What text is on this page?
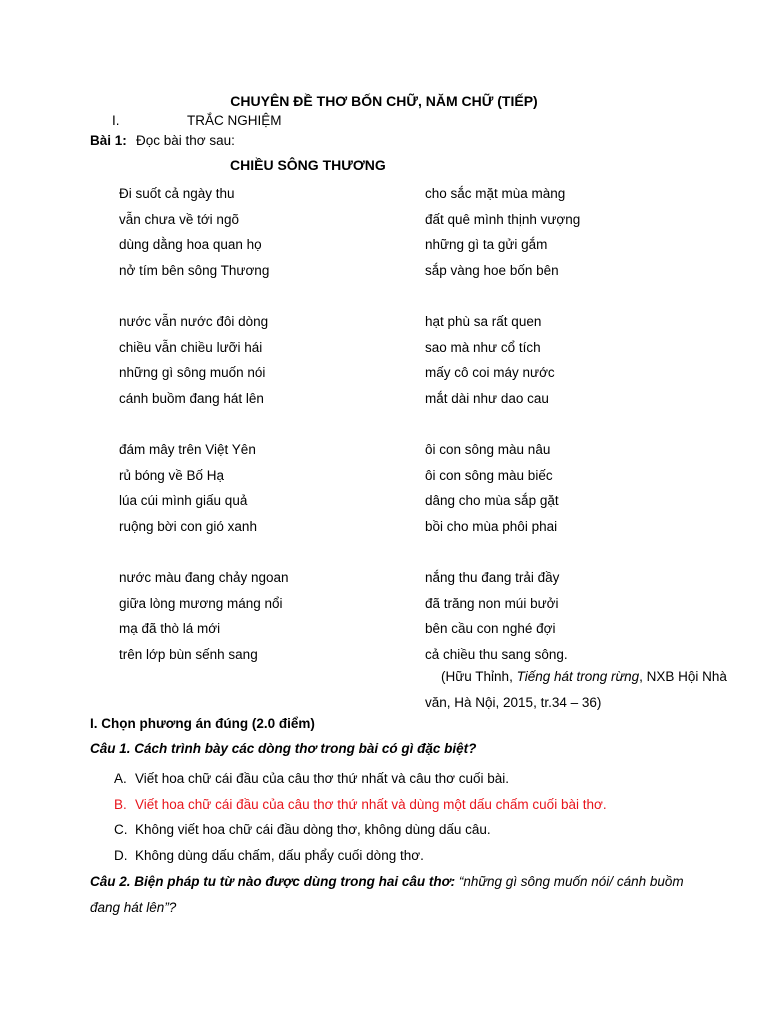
CHUYÊN ĐỀ THƠ BỐN CHỮ, NĂM CHỮ (TIẾP)
I.	TRẮC NGHIỆM
Bài 1: Đọc bài thơ sau:
CHIỀU SÔNG THƯƠNG
Đi suốt cả ngày thu
vẫn chưa về tới ngõ
dùng dằng hoa quan họ
nở tím bên sông Thương
nước vẫn nước đôi dòng
chiều vẫn chiều lưỡi hái
những gì sông muốn nói
cánh buồm đang hát lên
đám mây trên Việt Yên
rủ bóng về Bố Hạ
lúa cúi mình giấu quả
ruộng bời con gió xanh
nước màu đang chảy ngoan
giữa lòng mương máng nổi
mạ đã thò lá mới
trên lớp bùn sếnh sang
cho sắc mặt mùa màng
đất quê mình thịnh vượng
những gì ta gửi gắm
sắp vàng hoe bốn bên
hạt phù sa rất quen
sao mà như cổ tích
mấy cô coi máy nước
mắt dài như dao cau
ôi con sông màu nâu
ôi con sông màu biếc
dâng cho mùa sắp gặt
bồi cho mùa phôi phai
nắng thu đang trải đầy
đã trăng non múi bưởi
bên cầu con nghé đợi
cả chiều thu sang sông.
(Hữu Thỉnh, Tiếng hát trong rừng, NXB Hội Nhà
văn, Hà Nội, 2015, tr.34 – 36)
I. Chọn phương án đúng (2.0 điểm)
Câu 1. Cách trình bày các dòng thơ trong bài có gì đặc biệt?
A. Viết hoa chữ cái đầu của câu thơ thứ nhất và câu thơ cuối bài.
B. Viết hoa chữ cái đầu của câu thơ thứ nhất và dùng một dấu chấm cuối bài thơ.
C. Không viết hoa chữ cái đầu dòng thơ, không dùng dấu câu.
D. Không dùng dấu chấm, dấu phẩy cuối dòng thơ.
Câu 2. Biện pháp tu từ nào được dùng trong hai câu thơ: “những gì sông muốn nói/ cánh buồm đang hát lên”?
